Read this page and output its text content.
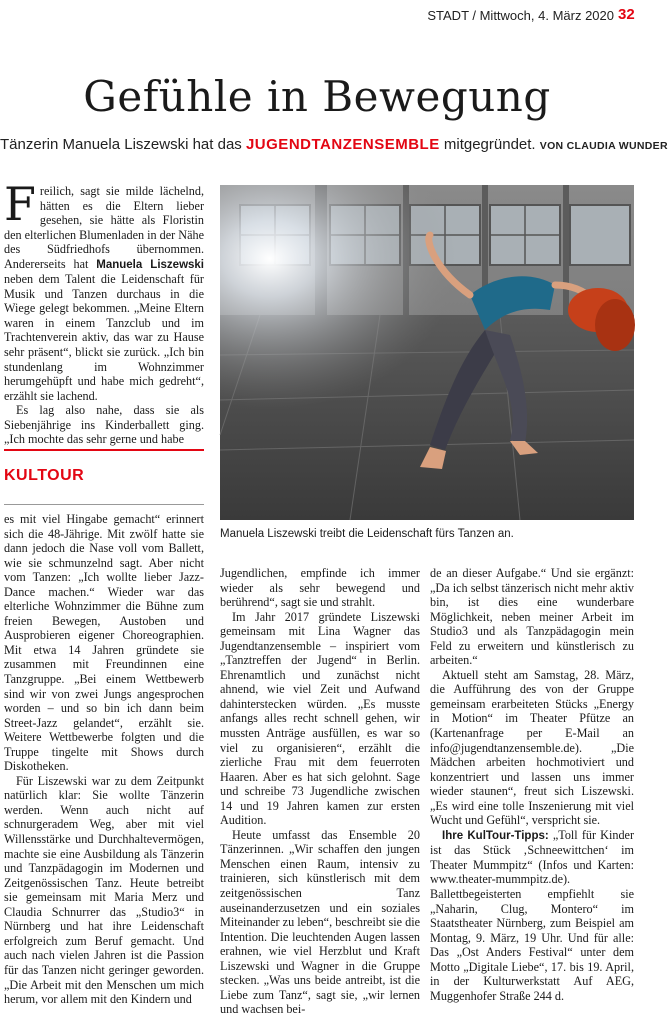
STADT / Mittwoch, 4. März 2020 32
Gefühle in Bewegung
Tänzerin Manuela Liszewski hat das JUGENDTANZENSEMBLE mitgegründet. VON CLAUDIA WUNDER

Freilich, sagt sie milde lächelnd, hätten es die Eltern lieber gesehen, sie hätte als Floristin den elterlichen Blumenladen in der Nähe des Südfriedhofs übernommen. Andererseits hat Manuela Liszewski neben dem Talent die Leidenschaft für Musik und Tanzen durchaus in die Wiege gelegt bekommen. „Meine Eltern waren in einem Tanzclub und im Trachtenverein aktiv, das war zu Hause sehr präsent“, blickt sie zurück. „Ich bin stundenlang im Wohnzimmer herumgehüpft und habe mich gedreht“, erzählt sie lachend.

Es lag also nahe, dass sie als Siebenjährige ins Kinderballett ging. „Ich mochte das sehr gerne und habe

KULTOUR

es mit viel Hingabe gemacht“ erinnert sich die 48-Jährige. Mit zwölf hatte sie dann jedoch die Nase voll vom Ballett, wie sie schmunzelnd sagt. Aber nicht vom Tanzen: „Ich wollte lieber Jazz-Dance machen.“ Wieder war das elterliche Wohnzimmer die Bühne zum freien Bewegen, Austoben und Ausprobieren eigener Choreographien. Mit etwa 14 Jahren gründete sie zusammen mit Freundinnen eine Tanzgruppe. „Bei einem Wettbewerb sind wir von zwei Jungs angesprochen worden – und so bin ich dann beim Street-Jazz gelandet“, erzählt sie. Weitere Wettbewerbe folgten und die Truppe tingelte mit Shows durch Diskotheken.

Für Liszewski war zu dem Zeitpunkt natürlich klar: Sie wollte Tänzerin werden. Wenn auch nicht auf schnurgeradem Weg, aber mit viel Willensstärke und Durchhaltevermögen, machte sie eine Ausbildung als Tänzerin und Tanzpädagogin im Modernen und Zeitgenössischen Tanz. Heute betreibt sie gemeinsam mit Maria Merz und Claudia Schnurrer das „Studio3“ in Nürnberg und hat ihre Leidenschaft erfolgreich zum Beruf gemacht. Und auch nach vielen Jahren ist die Passion für das Tanzen nicht geringer geworden. „Die Arbeit mit den Menschen um mich herum, vor allem mit den Kindern und

Manuela Liszewski treibt die Leidenschaft fürs Tanzen an.

Jugendlichen, empfinde ich immer wieder als sehr bewegend und berührend“, sagt sie und strahlt.

Im Jahr 2017 gründete Liszewski gemeinsam mit Lina Wagner das Jugendtanzensemble – inspiriert vom „Tanztreffen der Jugend“ in Berlin. Ehrenamtlich und zunächst nicht ahnend, wie viel Zeit und Aufwand dahinterstecken würden. „Es musste anfangs alles recht schnell gehen, wir mussten Anträge ausfüllen, es war so viel zu organisieren“, erzählt die zierliche Frau mit dem feuerroten Haaren. Aber es hat sich gelohnt. Sage und schreibe 73 Jugendliche zwischen 14 und 19 Jahren kamen zur ersten Audition.

Heute umfasst das Ensemble 20 Tänzerinnen. „Wir schaffen den jungen Menschen einen Raum, intensiv zu trainieren, sich künstlerisch mit dem zeitgenössischen Tanz auseinanderzusetzen und ein soziales Miteinander zu leben“, beschreibt sie die Intention. Die leuchtenden Augen lassen erahnen, wie viel Herzblut und Kraft Liszewski und Wagner in die Gruppe stecken. „Was uns beide antreibt, ist die Liebe zum Tanz“, sagt sie, „wir lernen und wachsen bei-

de an dieser Aufgabe.“ Und sie ergänzt: „Da ich selbst tänzerisch nicht mehr aktiv bin, ist dies eine wunderbare Möglichkeit, neben meiner Arbeit im Studio3 und als Tanzpädagogin mein Feld zu erweitern und künstlerisch zu arbeiten.“

Aktuell steht am Samstag, 28. März, die Aufführung des von der Gruppe gemeinsam erarbeiteten Stücks „Energy in Motion“ im Theater Pfütze an (Kartenanfrage per E-Mail an info@jugendtanzensemble.de). „Die Mädchen arbeiten hochmotiviert und konzentriert und lassen uns immer wieder staunen“, freut sich Liszewski. „Es wird eine tolle Inszenierung mit viel Wucht und Gefühl“, verspricht sie.

Ihre KulTour-Tipps: „Toll für Kinder ist das Stück ‚Schneewittchen‘ im Theater Mummpitz“ (Infos und Karten: www.theater-mummpitz.de). Ballettbegeisterten empfiehlt sie „Naharin, Clug, Montero“ im Staatstheater Nürnberg, zum Beispiel am Montag, 9. März, 19 Uhr. Und für alle: Das „Ost Anders Festival“ unter dem Motto „Digitale Liebe“, 17. bis 19. April, in der Kulturwerkstatt Auf AEG, Muggenhofer Straße 244 d.
